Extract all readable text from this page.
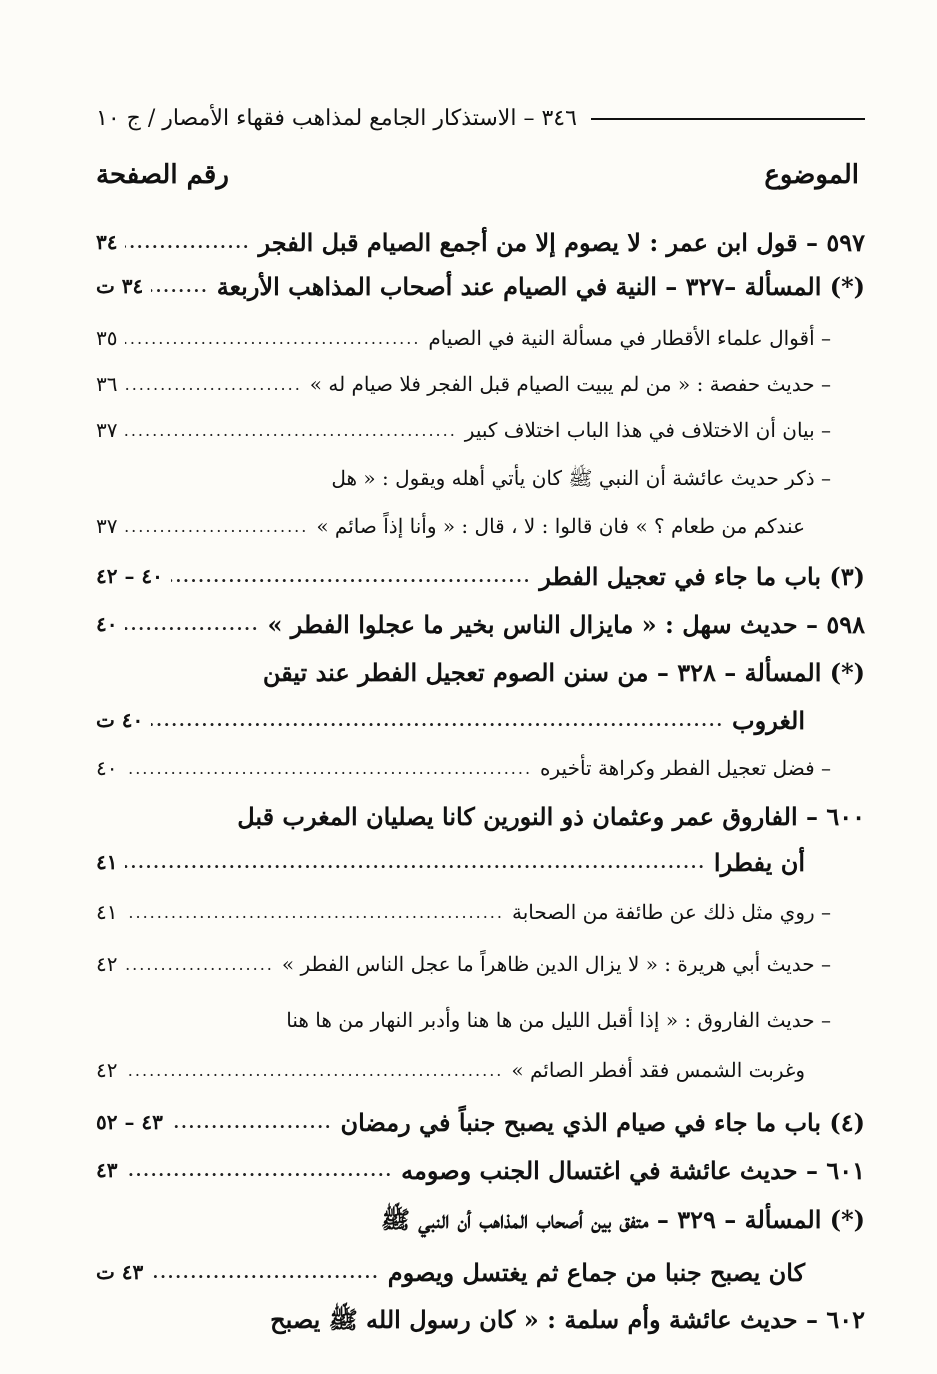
٣٤٦ – الاستذكار الجامع لمذاهب فقهاء الأمصار / ج ١٠
الموضوع
رقم الصفحة
٥٩٧ – قول ابن عمر : لا يصوم إلا من أجمع الصيام قبل الفجر
.....
٣٤
(*) المسألة –٣٢٧ – النية في الصيام عند أصحاب المذاهب الأربعة
.....
٣٤ ت
– أقوال علماء الأقطار في مسألة النية في الصيام
.....
٣٥
– حديث حفصة : « من لم يبيت الصيام قبل الفجر فلا صيام له »
.....
٣٦
– بيان أن الاختلاف في هذا الباب اختلاف كبير
.....
٣٧
– ذكر حديث عائشة أن النبي ﷺ كان يأتي أهله ويقول : « هل
عندكم من طعام ؟ » فان قالوا : لا ، قال : « وأنا إذاً صائم »
.....
٣٧
(٣) باب ما جاء في تعجيل الفطر
.....
٤٠ – ٤٢
٥٩٨ – حديث سهل : « مايزال الناس بخير ما عجلوا الفطر »
.....
٤٠
(*) المسألة – ٣٢٨ – من سنن الصوم تعجيل الفطر عند تيقن
الغروب
.....
٤٠ ت
– فضل تعجيل الفطر وكراهة تأخيره
.....
٤٠
٦٠٠ – الفاروق عمر وعثمان ذو النورين كانا يصليان المغرب قبل
أن يفطرا
.....
٤١
– روي مثل ذلك عن طائفة من الصحابة
.....
٤١
– حديث أبي هريرة : « لا يزال الدين ظاهراً ما عجل الناس الفطر »
.....
٤٢
– حديث الفاروق : « إذا أقبل الليل من ها هنا وأدبر النهار من ها هنا
وغربت الشمس فقد أفطر الصائم »
.....
٤٢
(٤) باب ما جاء في صيام الذي يصبح جنباً في رمضان
.....
٤٣ – ٥٢
٦٠١ – حديث عائشة في اغتسال الجنب وصومه
.....
٤٣
(*) المسألة – ٣٢٩ – متفق بين أصحاب المذاهب أن النبي ﷺ
كان يصبح جنبا من جماع ثم يغتسل ويصوم
.....
٤٣ ت
٦٠٢ – حديث عائشة وأم سلمة : « كان رسول الله ﷺ يصبح
